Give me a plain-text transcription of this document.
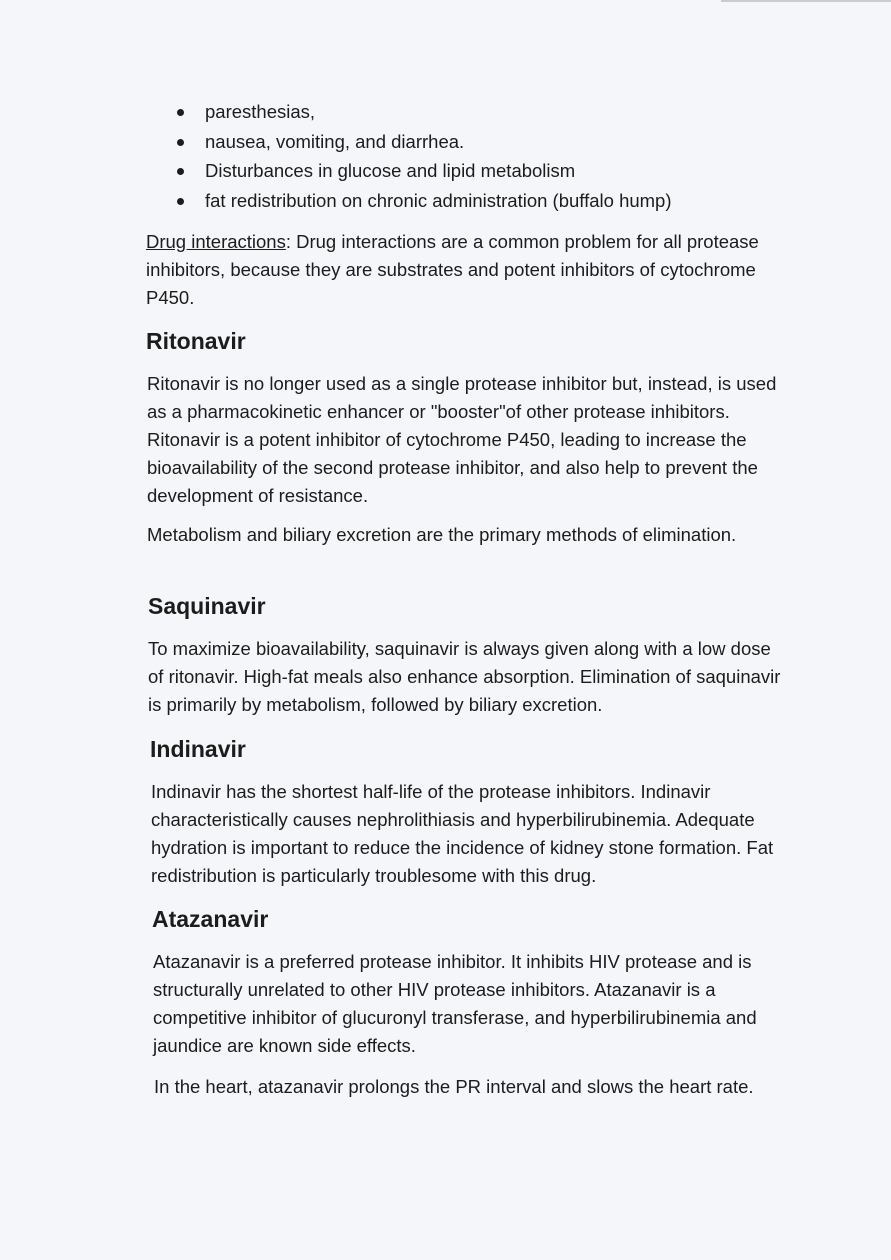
paresthesias,
nausea, vomiting, and diarrhea.
Disturbances in glucose and lipid metabolism
fat redistribution on chronic administration (buffalo hump)

Drug interactions: Drug interactions are a common problem for all protease inhibitors, because they are substrates and potent inhibitors of cytochrome P450.

Ritonavir

Ritonavir is no longer used as a single protease inhibitor but, instead, is used as a pharmacokinetic enhancer or "booster"of other protease inhibitors. Ritonavir is a potent inhibitor of cytochrome P450, leading to increase the bioavailability of the second protease inhibitor, and also help to prevent the development of resistance.

Metabolism and biliary excretion are the primary methods of elimination.

Saquinavir

To maximize bioavailability, saquinavir is always given along with a low dose of ritonavir. High-fat meals also enhance absorption. Elimination of saquinavir is primarily by metabolism, followed by biliary excretion.

Indinavir

Indinavir has the shortest half-life of the protease inhibitors. Indinavir characteristically causes nephrolithiasis and hyperbilirubinemia. Adequate hydration is important to reduce the incidence of kidney stone formation. Fat redistribution is particularly troublesome with this drug.

Atazanavir

Atazanavir is a preferred protease inhibitor. It inhibits HIV protease and is structurally unrelated to other HIV protease inhibitors. Atazanavir is a competitive inhibitor of glucuronyl transferase, and hyperbilirubinemia and jaundice are known side effects.

In the heart, atazanavir prolongs the PR interval and slows the heart rate.
